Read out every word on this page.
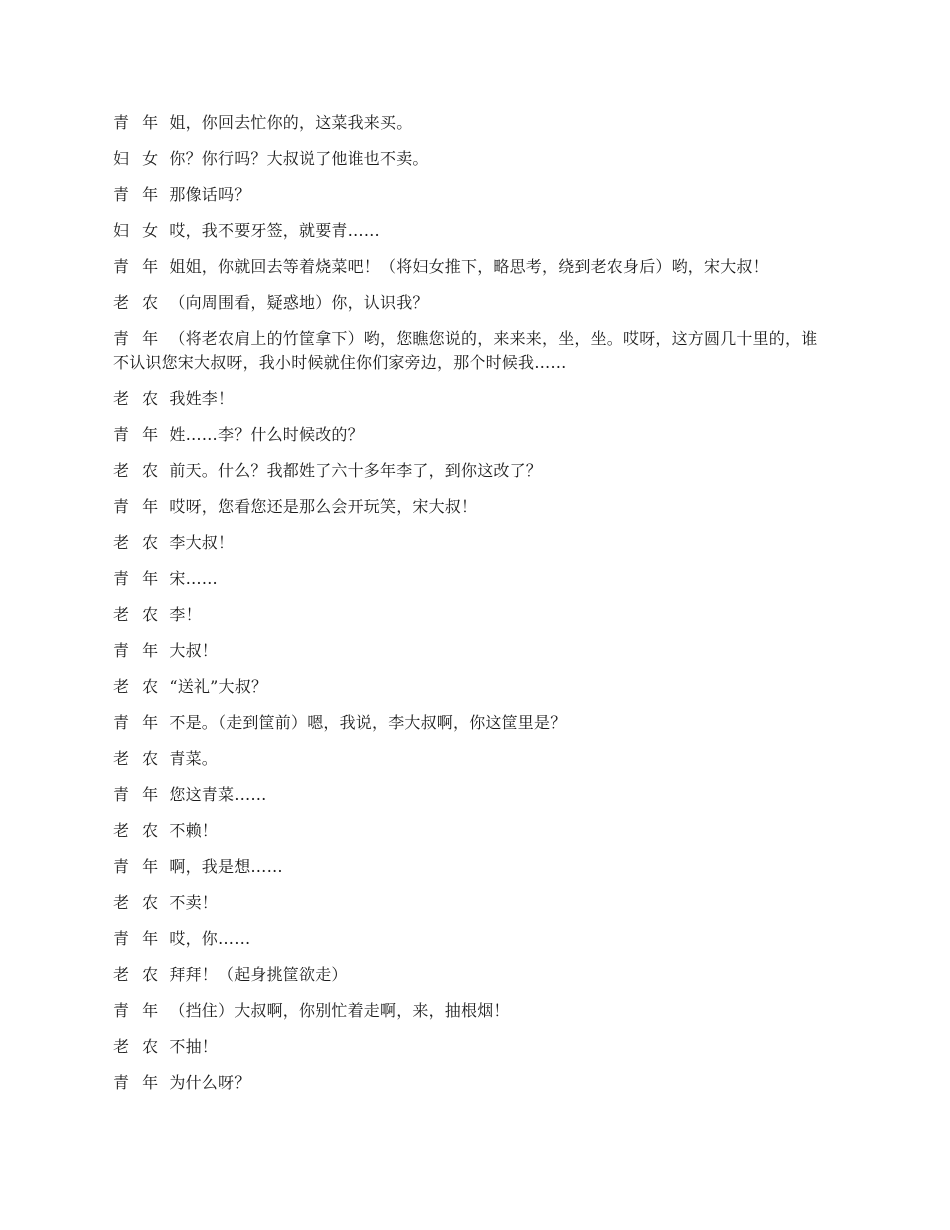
青 年 姐，你回去忙你的，这菜我来买。

妇 女 你？你行吗？大叔说了他谁也不卖。

青 年 那像话吗？

妇 女 哎，我不要牙签，就要青……

青 年 姐姐，你就回去等着烧菜吧！（将妇女推下，略思考，绕到老农身后）哟，宋大叔！

老 农 （向周围看，疑惑地）你，认识我？

青 年 （将老农肩上的竹筐拿下）哟，您瞧您说的，来来来，坐，坐。哎呀，这方圆几十里的，谁不认识您宋大叔呀，我小时候就住你们家旁边，那个时候我……

老 农 我姓李！

青 年 姓……李？什么时候改的？

老 农 前天。什么？我都姓了六十多年李了，到你这改了？

青 年 哎呀，您看您还是那么会开玩笑，宋大叔！

老 农 李大叔！

青 年 宋……

老 农 李！

青 年 大叔！

老 农 “送礼”大叔？

青 年 不是。（走到筐前）嗯，我说，李大叔啊，你这筐里是？

老 农 青菜。

青 年 您这青菜……

老 农 不赖！

青 年 啊，我是想……

老 农 不卖！

青 年 哎，你……

老 农 拜拜！（起身挑筐欲走）

青 年 （挡住）大叔啊，你别忙着走啊，来，抽根烟！

老 农 不抽！

青 年 为什么呀？
